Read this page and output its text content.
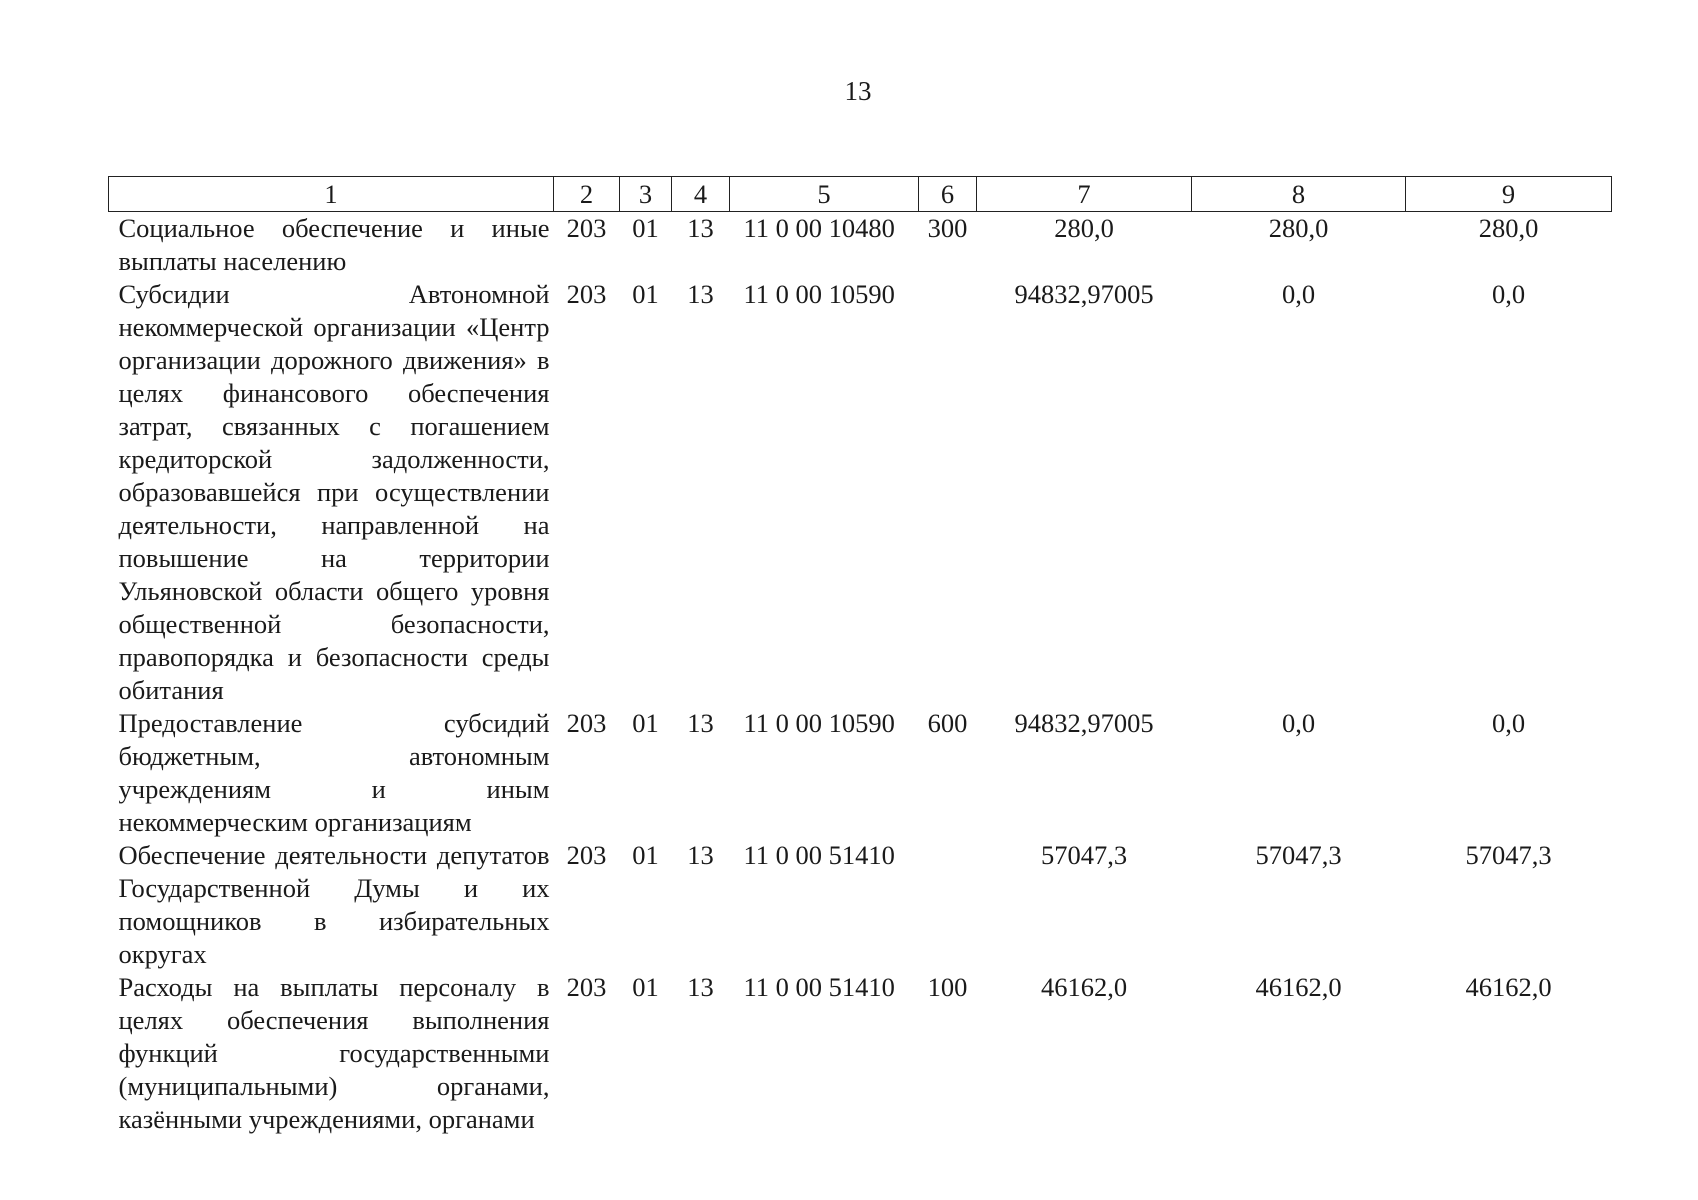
13
1	2	3	4	5	6	7	8	9
Социальное обеспечение и иные выплаты населению	203	01	13	11 0 00 10480	300	280,0	280,0	280,0
Субсидии Автономной некоммерческой организации «Центр организации дорожного движения» в целях финансового обеспечения затрат, связанных с погашением кредиторской задолженности, образовавшейся при осуществлении деятельности, направленной на повышение на территории Ульяновской области общего уровня общественной безопасности, правопорядка и безопасности среды обитания	203	01	13	11 0 00 10590		94832,97005	0,0	0,0
Предоставление субсидий бюджетным, автономным учреждениям и иным некоммерческим организациям	203	01	13	11 0 00 10590	600	94832,97005	0,0	0,0
Обеспечение деятельности депутатов Государственной Думы и их помощников в избирательных округах	203	01	13	11 0 00 51410		57047,3	57047,3	57047,3
Расходы на выплаты персоналу в целях обеспечения выполнения функций государственными (муниципальными) органами, казёнными учреждениями, органами	203	01	13	11 0 00 51410	100	46162,0	46162,0	46162,0
